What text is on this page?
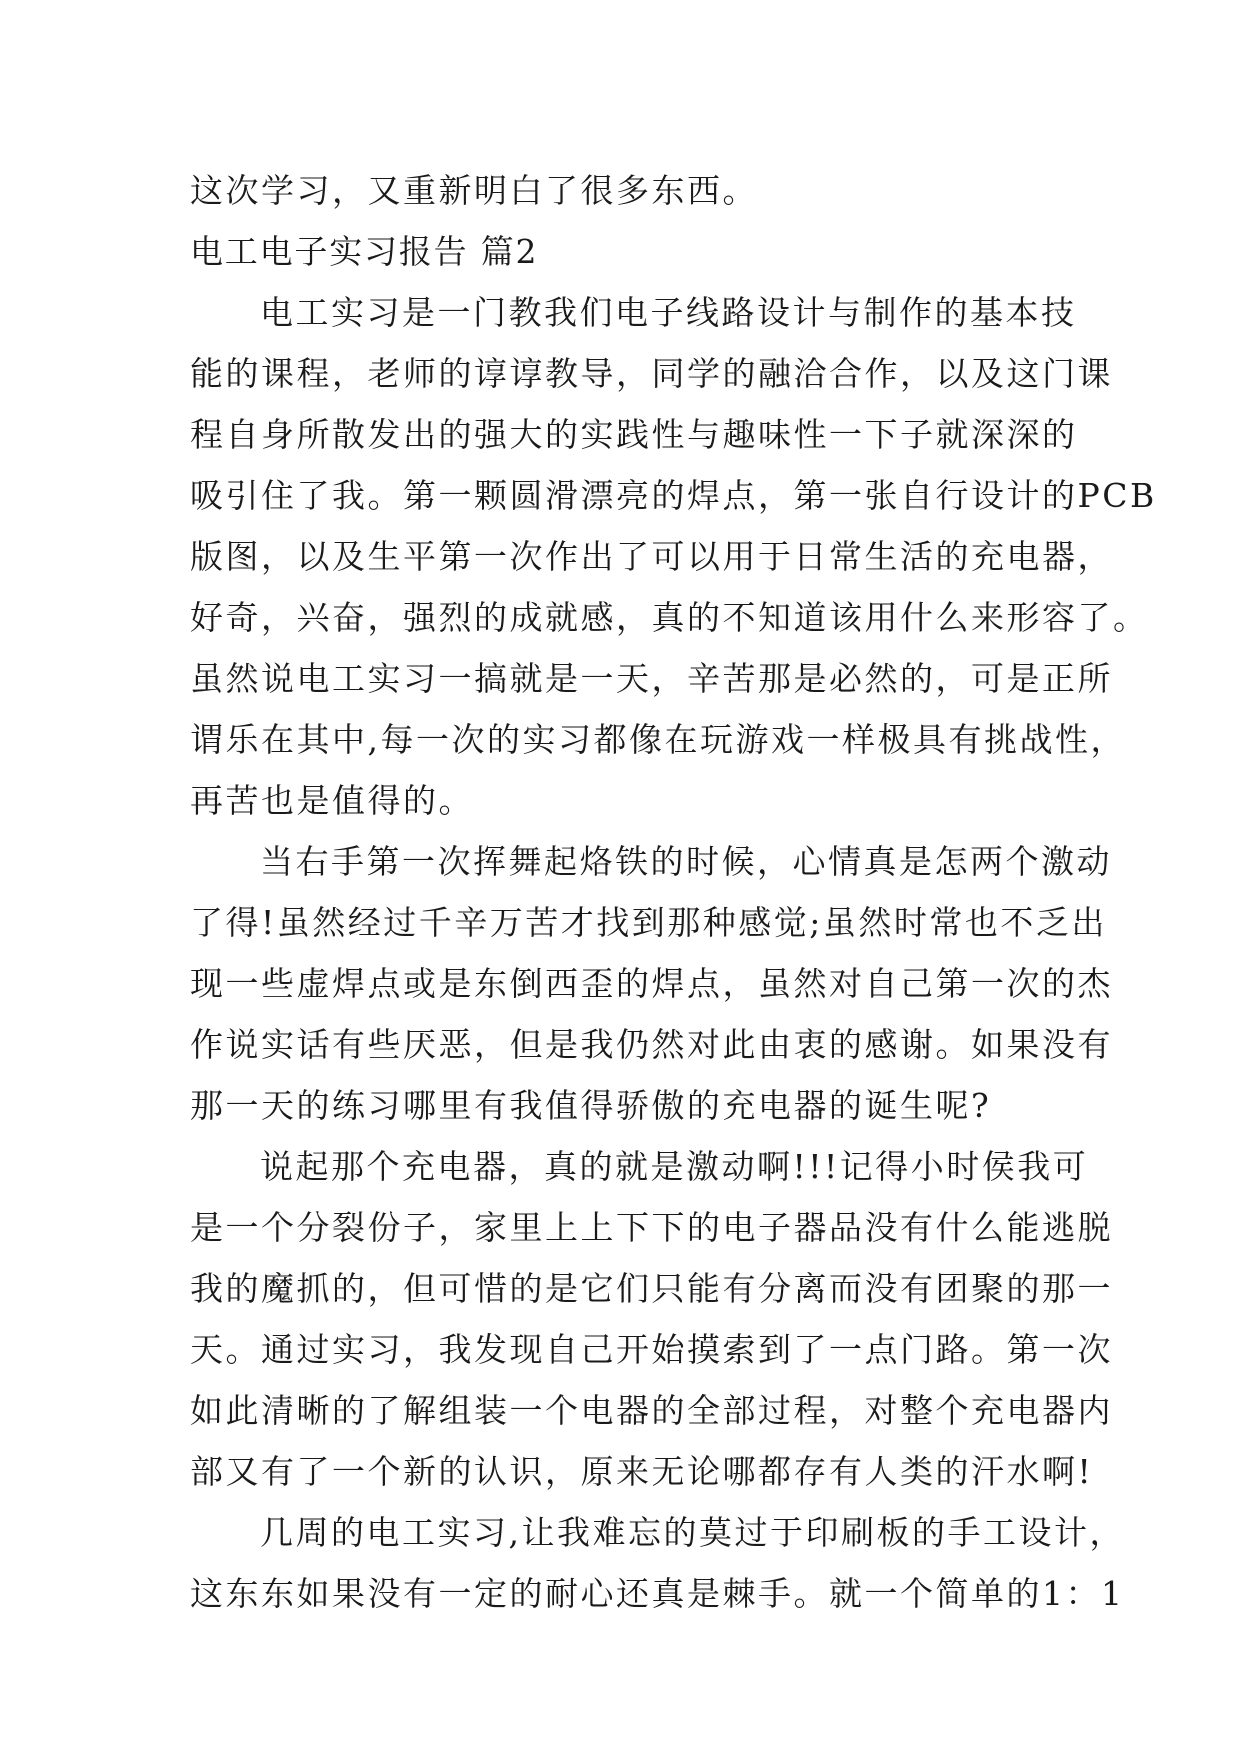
这次学习，又重新明白了很多东西。
电工电子实习报告 篇2
电工实习是一门教我们电子线路设计与制作的基本技
能的课程，老师的谆谆教导，同学的融洽合作，以及这门课
程自身所散发出的强大的实践性与趣味性一下子就深深的
吸引住了我。第一颗圆滑漂亮的焊点，第一张自行设计的PCB
版图，以及生平第一次作出了可以用于日常生活的充电器，
好奇，兴奋，强烈的成就感，真的不知道该用什么来形容了。
虽然说电工实习一搞就是一天，辛苦那是必然的，可是正所
谓乐在其中,每一次的实习都像在玩游戏一样极具有挑战性，
再苦也是值得的。
当右手第一次挥舞起烙铁的时候，心情真是怎两个激动
了得!虽然经过千辛万苦才找到那种感觉;虽然时常也不乏出
现一些虚焊点或是东倒西歪的焊点，虽然对自己第一次的杰
作说实话有些厌恶，但是我仍然对此由衷的感谢。如果没有
那一天的练习哪里有我值得骄傲的充电器的诞生呢?
说起那个充电器，真的就是激动啊!!!记得小时侯我可
是一个分裂份子，家里上上下下的电子器品没有什么能逃脱
我的魔抓的，但可惜的是它们只能有分离而没有团聚的那一
天。通过实习，我发现自己开始摸索到了一点门路。第一次
如此清晰的了解组装一个电器的全部过程，对整个充电器内
部又有了一个新的认识，原来无论哪都存有人类的汗水啊!
几周的电工实习,让我难忘的莫过于印刷板的手工设计，
这东东如果没有一定的耐心还真是棘手。就一个简单的1：1
